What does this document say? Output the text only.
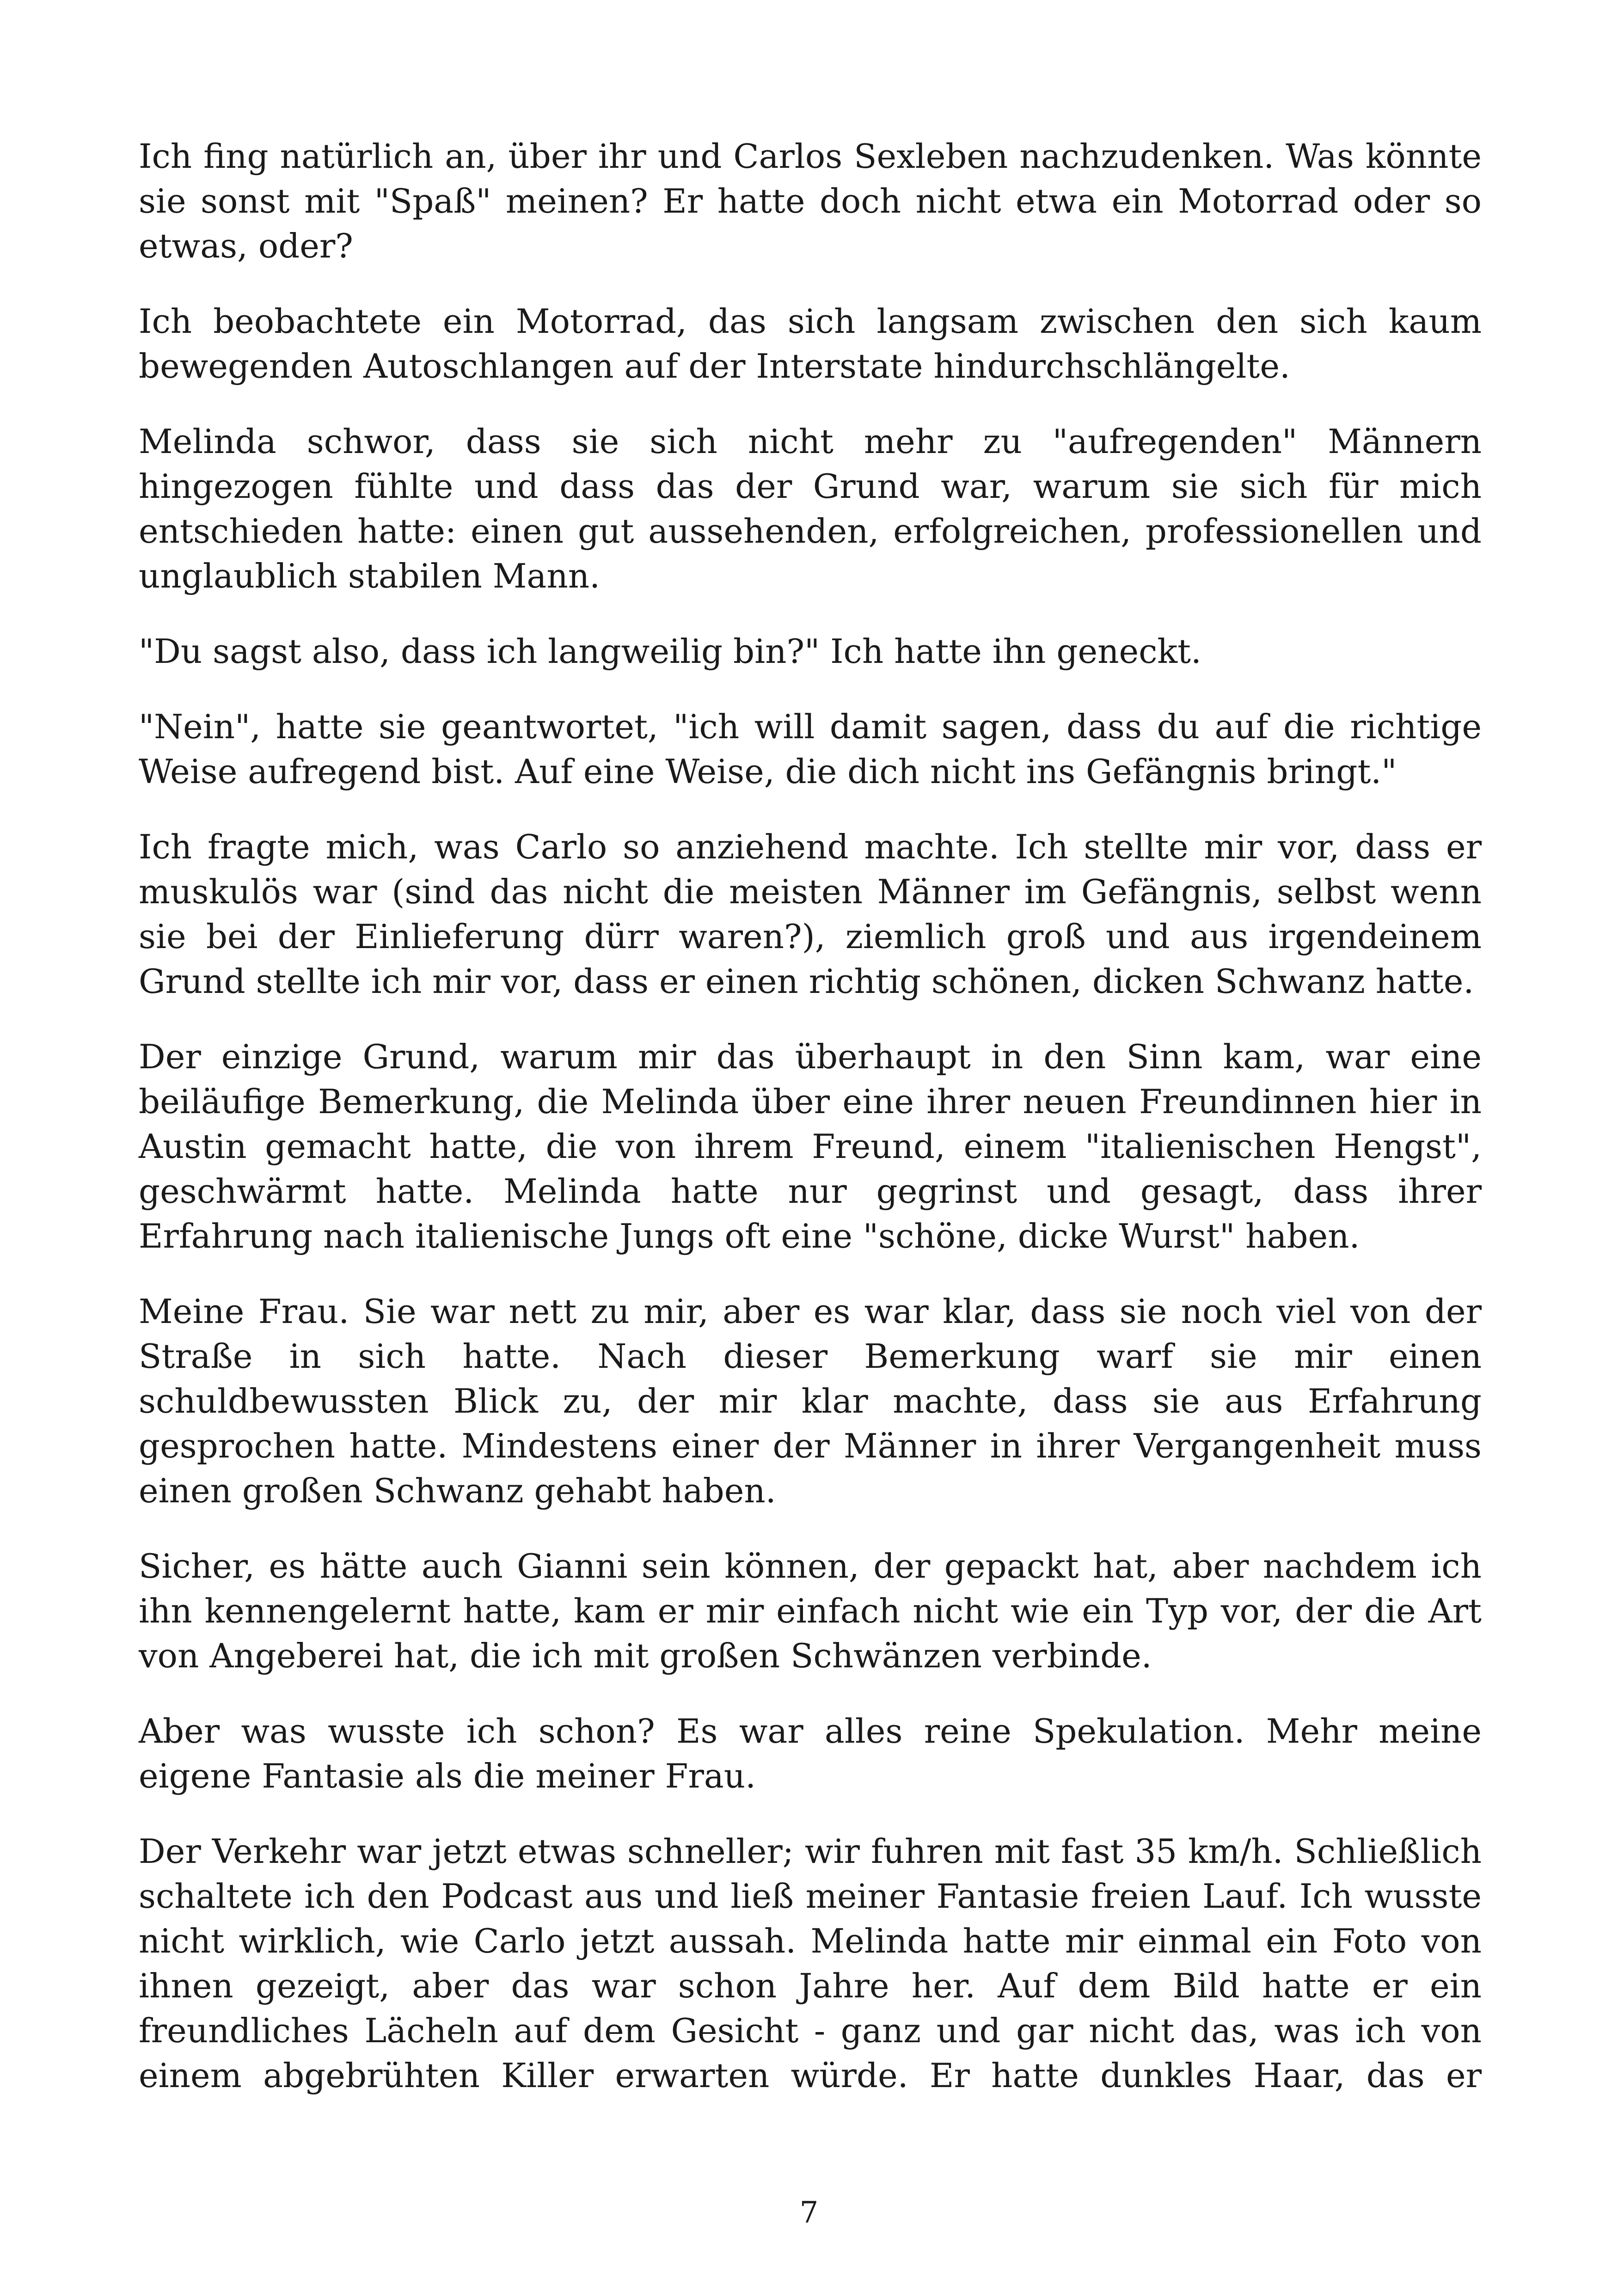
Ich fing natürlich an, über ihr und Carlos Sexleben nachzudenken. Was könnte sie sonst mit "Spaß" meinen? Er hatte doch nicht etwa ein Motorrad oder so etwas, oder?

Ich beobachtete ein Motorrad, das sich langsam zwischen den sich kaum bewegenden Autoschlangen auf der Interstate hindurchschlängelte.

Melinda schwor, dass sie sich nicht mehr zu "aufregenden" Männern hingezogen fühlte und dass das der Grund war, warum sie sich für mich entschieden hatte: einen gut aussehenden, erfolgreichen, professionellen und unglaublich stabilen Mann.

"Du sagst also, dass ich langweilig bin?" Ich hatte ihn geneckt.

"Nein", hatte sie geantwortet, "ich will damit sagen, dass du auf die richtige Weise aufregend bist. Auf eine Weise, die dich nicht ins Gefängnis bringt."

Ich fragte mich, was Carlo so anziehend machte. Ich stellte mir vor, dass er muskulös war (sind das nicht die meisten Männer im Gefängnis, selbst wenn sie bei der Einlieferung dürr waren?), ziemlich groß und aus irgendeinem Grund stellte ich mir vor, dass er einen richtig schönen, dicken Schwanz hatte.

Der einzige Grund, warum mir das überhaupt in den Sinn kam, war eine beiläufige Bemerkung, die Melinda über eine ihrer neuen Freundinnen hier in Austin gemacht hatte, die von ihrem Freund, einem "italienischen Hengst", geschwärmt hatte. Melinda hatte nur gegrinst und gesagt, dass ihrer Erfahrung nach italienische Jungs oft eine "schöne, dicke Wurst" haben.

Meine Frau. Sie war nett zu mir, aber es war klar, dass sie noch viel von der Straße in sich hatte. Nach dieser Bemerkung warf sie mir einen schuldbewussten Blick zu, der mir klar machte, dass sie aus Erfahrung gesprochen hatte. Mindestens einer der Männer in ihrer Vergangenheit muss einen großen Schwanz gehabt haben.

Sicher, es hätte auch Gianni sein können, der gepackt hat, aber nachdem ich ihn kennengelernt hatte, kam er mir einfach nicht wie ein Typ vor, der die Art von Angeberei hat, die ich mit großen Schwänzen verbinde.

Aber was wusste ich schon? Es war alles reine Spekulation. Mehr meine eigene Fantasie als die meiner Frau.

Der Verkehr war jetzt etwas schneller; wir fuhren mit fast 35 km/h. Schließlich schaltete ich den Podcast aus und ließ meiner Fantasie freien Lauf. Ich wusste nicht wirklich, wie Carlo jetzt aussah. Melinda hatte mir einmal ein Foto von ihnen gezeigt, aber das war schon Jahre her. Auf dem Bild hatte er ein freundliches Lächeln auf dem Gesicht - ganz und gar nicht das, was ich von einem abgebrühten Killer erwarten würde. Er hatte dunkles Haar, das er

7
